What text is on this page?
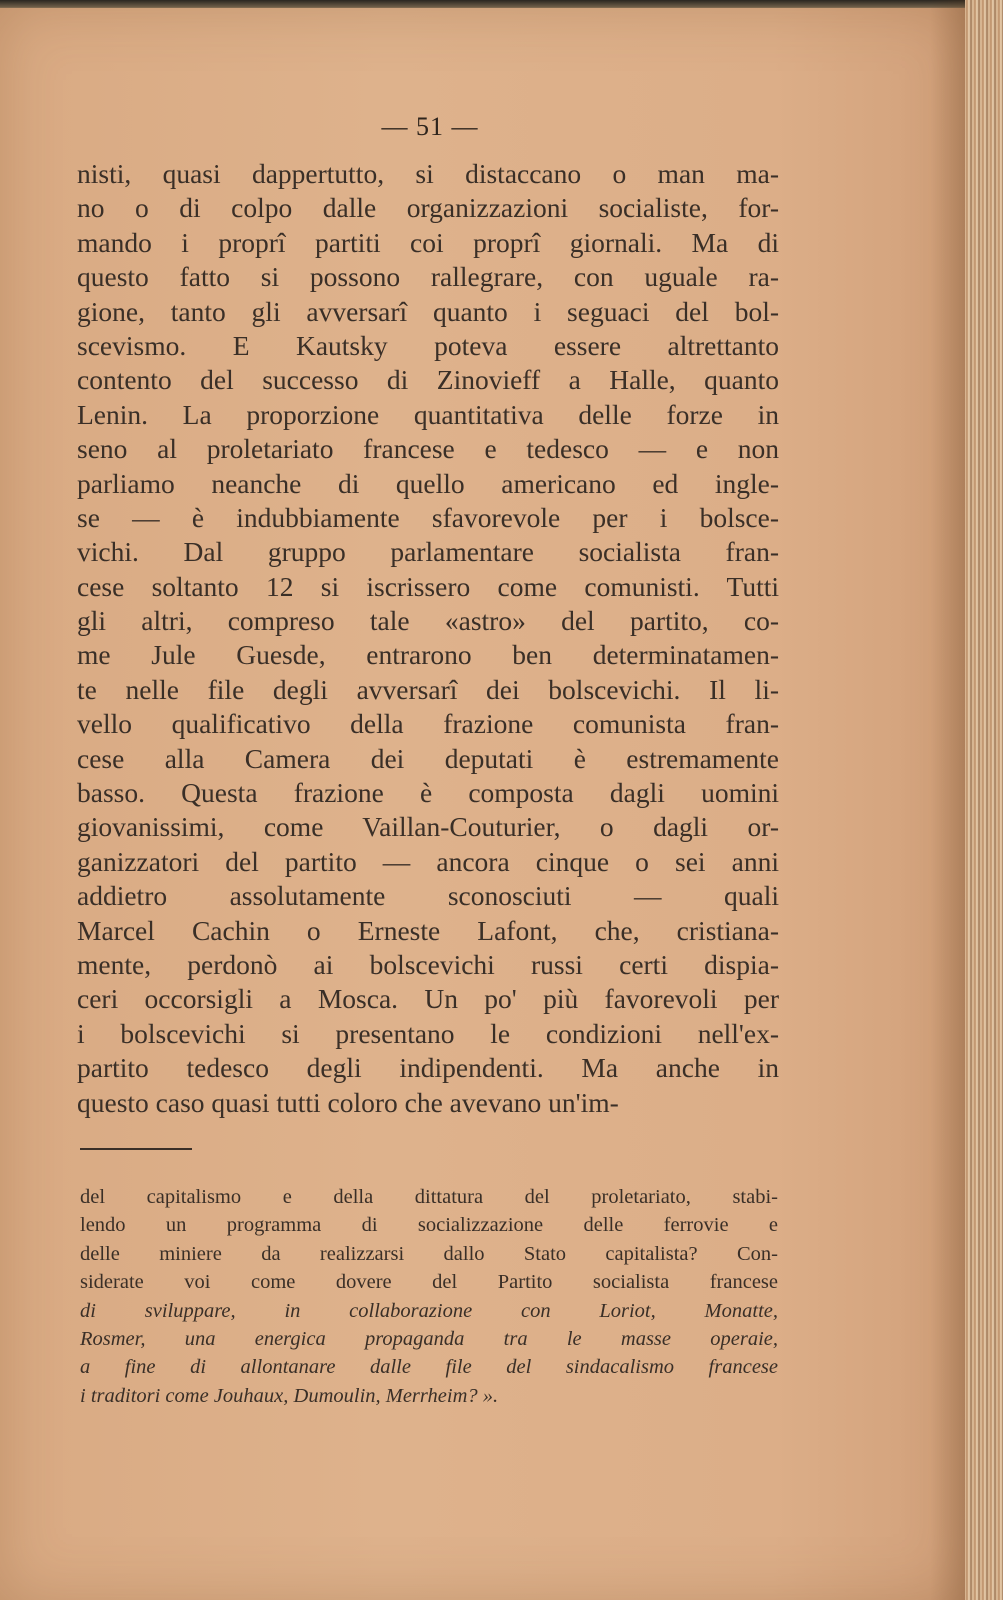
— 51 —
nisti, quasi dappertutto, si distaccano o man ma-
no o di colpo dalle organizzazioni socialiste, for-
mando i proprî partiti coi proprî giornali. Ma di
questo fatto si possono rallegrare, con uguale ra-
gione, tanto gli avversarî quanto i seguaci del bol-
scevismo. E Kautsky poteva essere altrettanto
contento del successo di Zinovieff a Halle, quanto
Lenin. La proporzione quantitativa delle forze in
seno al proletariato francese e tedesco — e non
parliamo neanche di quello americano ed ingle-
se — è indubbiamente sfavorevole per i bolsce-
vichi. Dal gruppo parlamentare socialista fran-
cese soltanto 12 si iscrissero come comunisti. Tutti
gli altri, compreso tale «astro» del partito, co-
me Jule Guesde, entrarono ben determinatamen-
te nelle file degli avversarî dei bolscevichi. Il li-
vello qualificativo della frazione comunista fran-
cese alla Camera dei deputati è estremamente
basso. Questa frazione è composta dagli uomini
giovanissimi, come Vaillan-Couturier, o dagli or-
ganizzatori del partito — ancora cinque o sei anni
addietro assolutamente sconosciuti — quali
Marcel Cachin o Erneste Lafont, che, cristiana-
mente, perdonò ai bolscevichi russi certi dispia-
ceri occorsigli a Mosca. Un po' più favorevoli per
i bolscevichi si presentano le condizioni nell'ex-
partito tedesco degli indipendenti. Ma anche in
questo caso quasi tutti coloro che avevano un'im-
del capitalismo e della dittatura del proletariato, stabi-
lendo un programma di socializzazione delle ferrovie e
delle miniere da realizzarsi dallo Stato capitalista? Con-
siderate voi come dovere del Partito socialista francese
di sviluppare, in collaborazione con Loriot, Monatte,
Rosmer, una energica propaganda tra le masse operaie,
a fine di allontanare dalle file del sindacalismo francese
i traditori come Jouhaux, Dumoulin, Merrheim? ».
